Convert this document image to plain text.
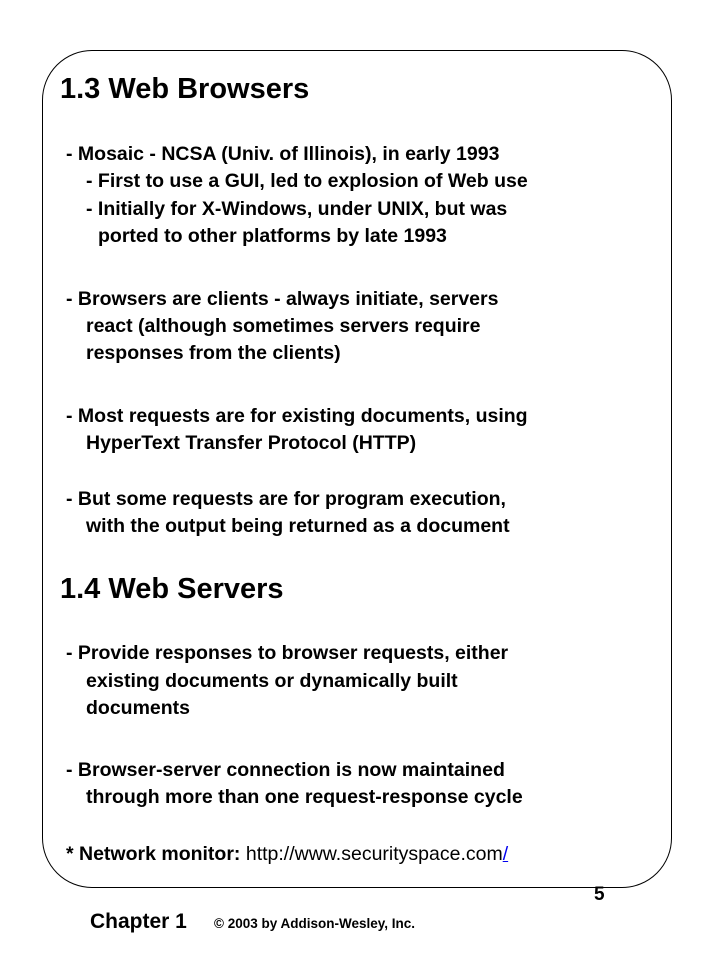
1.3 Web Browsers

- Mosaic - NCSA (Univ. of Illinois), in early 1993

- First to use a GUI, led to explosion of Web use

- Initially for X-Windows, under UNIX, but was

ported to other platforms by late 1993

- Browsers are clients - always initiate, servers

react (although sometimes servers require

responses from the clients)

- Most requests are for existing documents, using

HyperText Transfer Protocol (HTTP)

- But some requests are for program execution,

with the output being returned as a document

1.4 Web Servers

- Provide responses to browser requests, either

existing documents or dynamically built

documents

- Browser-server connection is now maintained

through more than one request-response cycle

* Network monitor: http://www.securityspace.com/

Chapter 1 © 2003 by Addison-Wesley, Inc.
5
